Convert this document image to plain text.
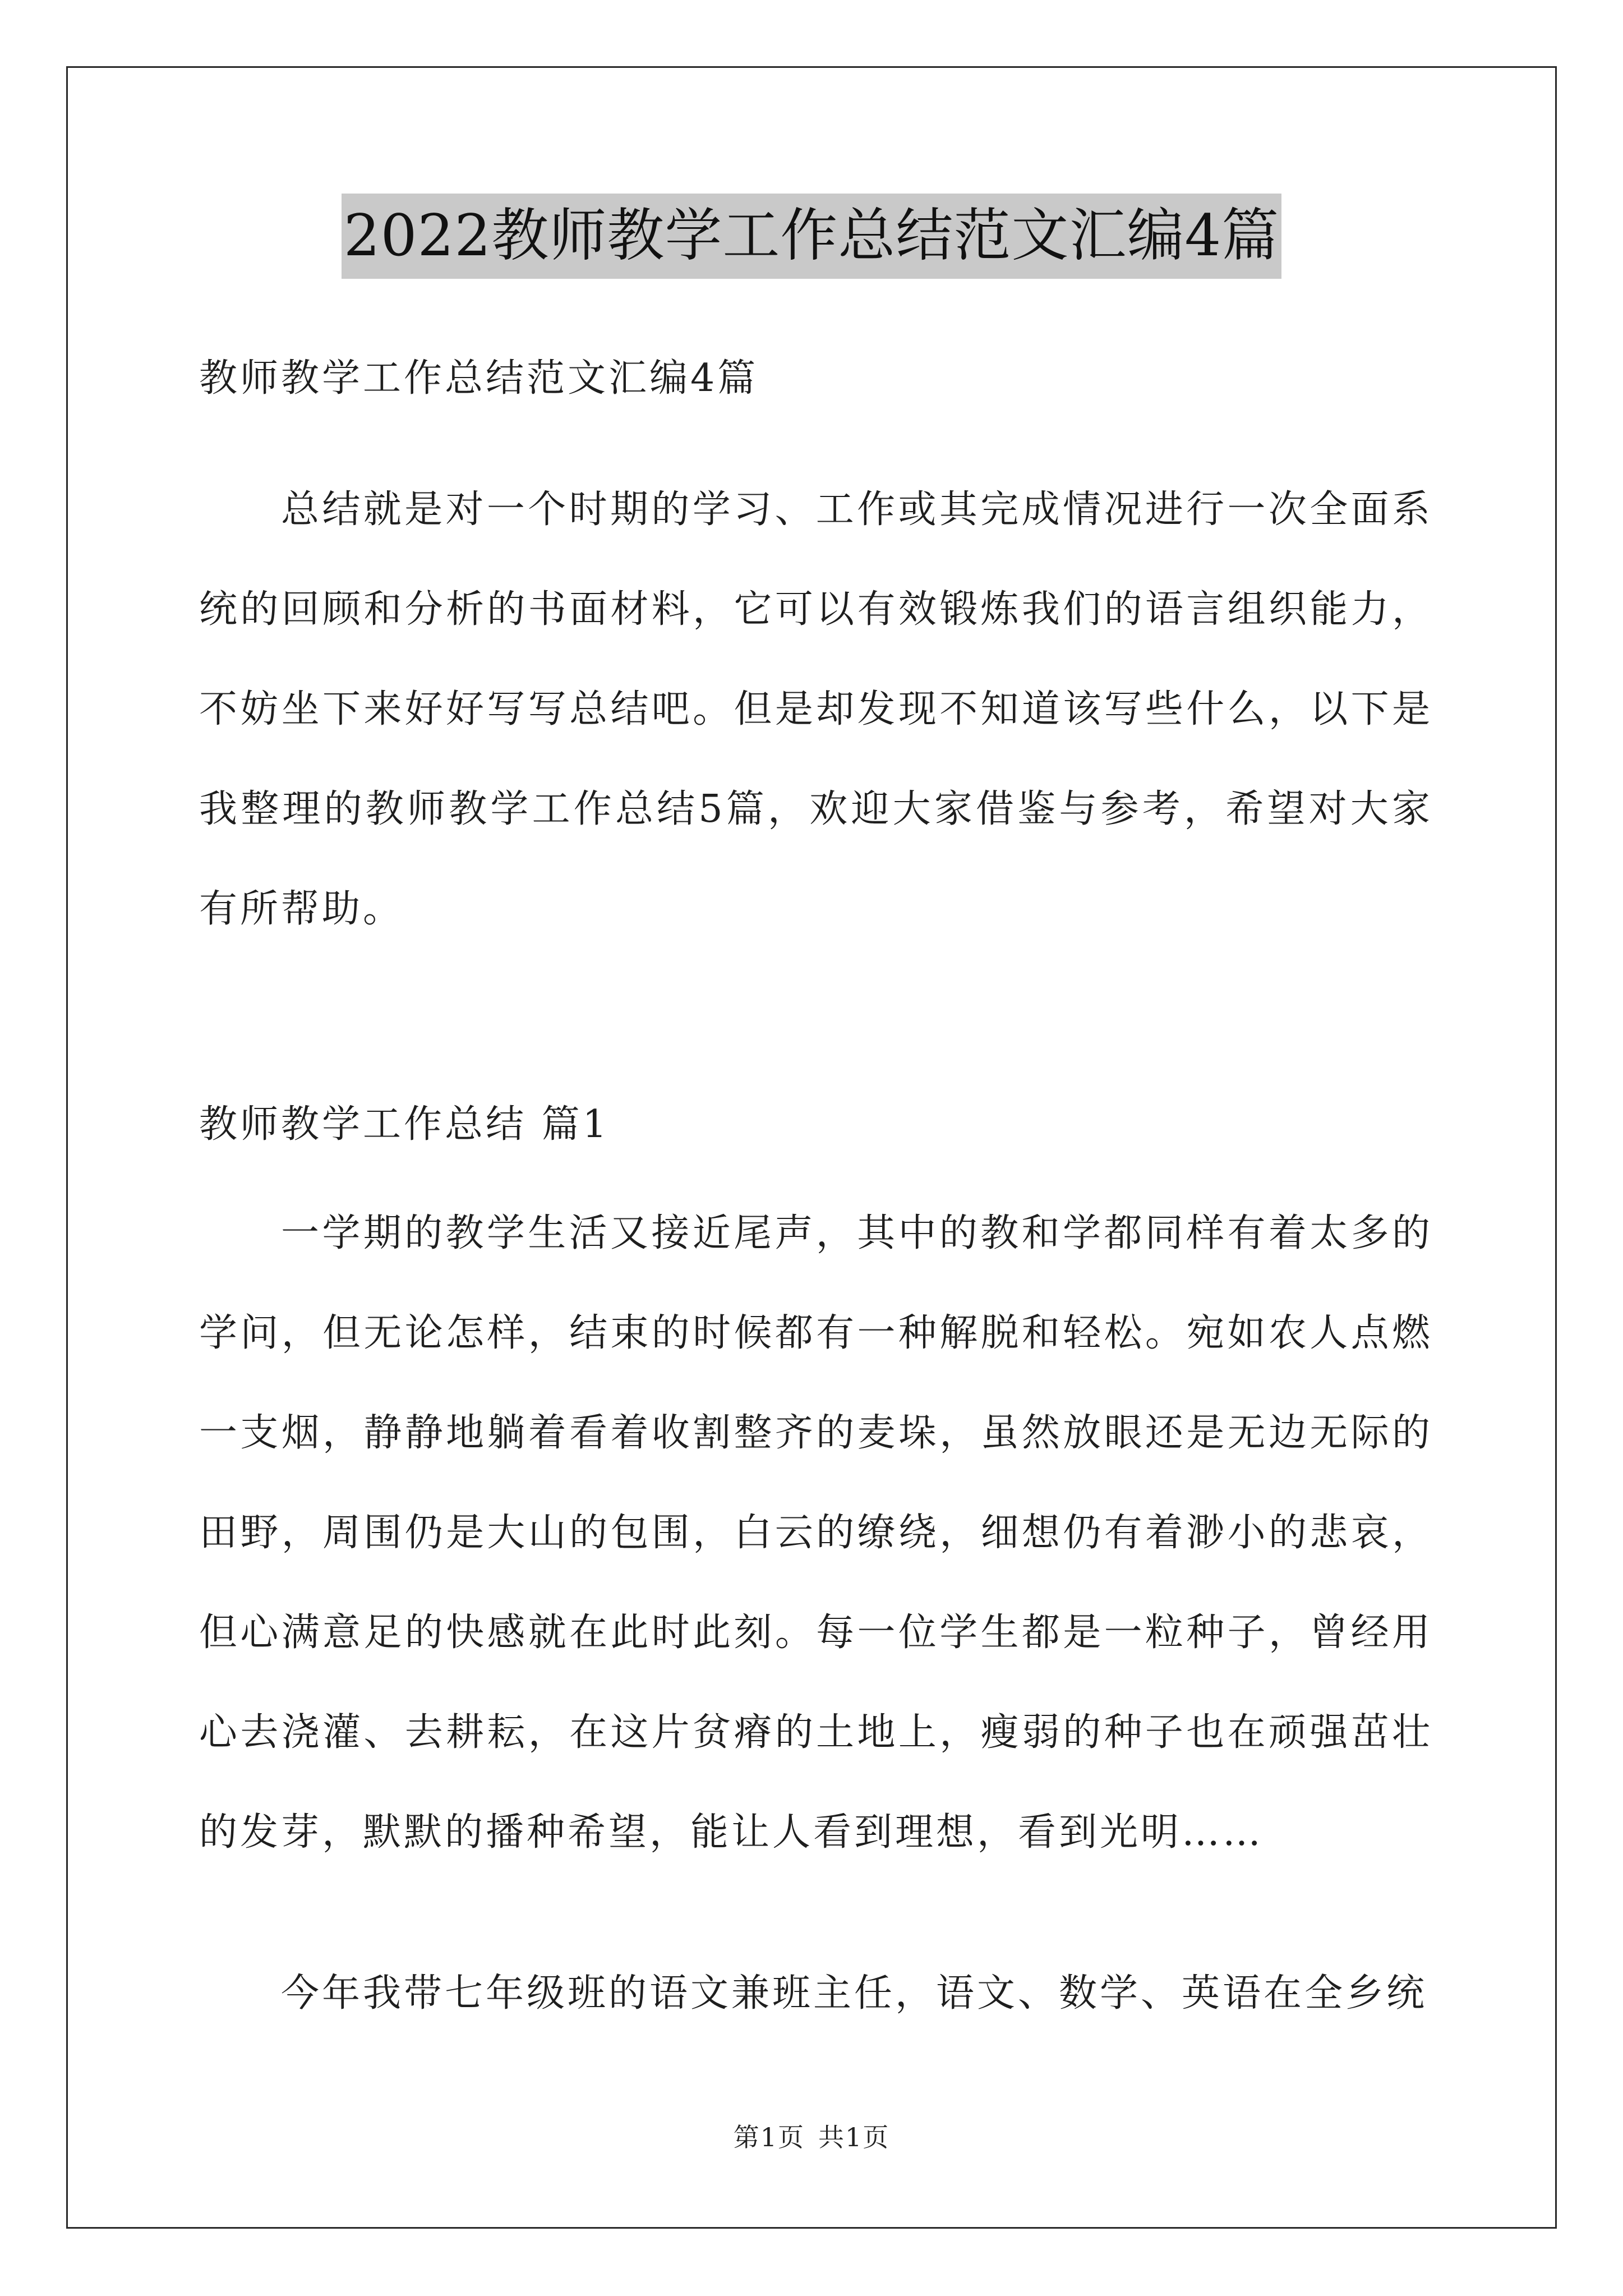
2022教师教学工作总结范文汇编4篇
教师教学工作总结范文汇编4篇
总结就是对一个时期的学习、工作或其完成情况进行一次全面系统的回顾和分析的书面材料，它可以有效锻炼我们的语言组织能力，不妨坐下来好好写写总结吧。但是却发现不知道该写些什么，以下是我整理的教师教学工作总结5篇，欢迎大家借鉴与参考，希望对大家有所帮助。
教师教学工作总结 篇1
一学期的教学生活又接近尾声，其中的教和学都同样有着太多的学问，但无论怎样，结束的时候都有一种解脱和轻松。宛如农人点燃一支烟，静静地躺着看着收割整齐的麦垛，虽然放眼还是无边无际的田野，周围仍是大山的包围，白云的缭绕，细想仍有着渺小的悲哀，但心满意足的快感就在此时此刻。每一位学生都是一粒种子，曾经用心去浇灌、去耕耘，在这片贫瘠的土地上，瘦弱的种子也在顽强茁壮的发芽，默默的播种希望，能让人看到理想，看到光明……
今年我带七年级班的语文兼班主任，语文、数学、英语在全乡统
第1页 共1页
